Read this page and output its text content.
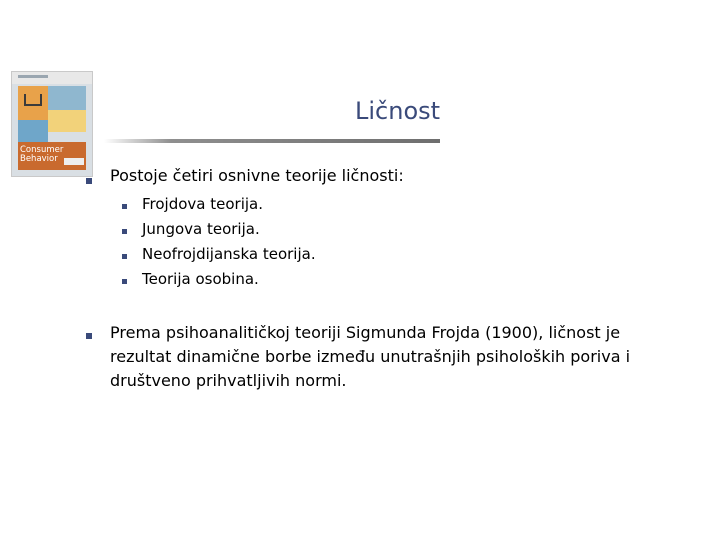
Consumer
Behavior
Ličnost
Postoje četiri osnivne teorije ličnosti:
Frojdova teorija.
Jungova teorija.
Neofrojdijanska teorija.
Teorija osobina.
Prema psihoanalitičkoj teoriji Sigmunda Frojda (1900), ličnost je rezultat dinamične borbe između unutrašnjih psiholoških poriva i društveno prihvatljivih normi.
